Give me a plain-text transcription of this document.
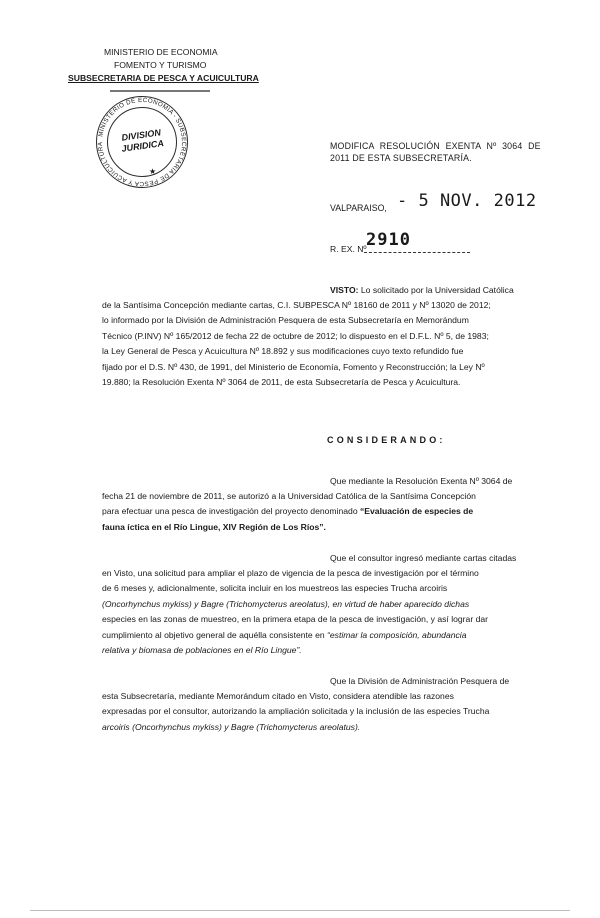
MINISTERIO DE ECONOMIA
FOMENTO Y TURISMO
SUBSECRETARIA DE PESCA Y ACUICULTURA
MINISTERIO DE ECONOMIA - SUBSECRETARIA DE PESCA Y ACUICULTURA
DIVISION JURIDICA
★
MODIFICA RESOLUCIÓN EXENTA Nº 3064 DE
2011 DE ESTA SUBSECRETARÍA.
VALPARAISO, - 5 NOV. 2012
2910
R. EX. Nº
VISTO: Lo solicitado por la Universidad Católica
de la Santísima Concepción mediante cartas, C.I. SUBPESCA Nº 18160 de 2011 y Nº 13020 de 2012;
lo informado por la División de Administración Pesquera de esta Subsecretaría en Memorándum
Técnico (P.INV) Nº 165/2012 de fecha 22 de octubre de 2012; lo dispuesto en el D.F.L. Nº 5, de 1983;
la Ley General de Pesca y Acuicultura Nº 18.892 y sus modificaciones cuyo texto refundido fue
fijado por el D.S. Nº 430, de 1991, del Ministerio de Economía, Fomento y Reconstrucción; la Ley Nº
19.880; la Resolución Exenta Nº 3064 de 2011, de esta Subsecretaría de Pesca y Acuicultura.
CONSIDERANDO:
Que mediante la Resolución Exenta Nº 3064 de
fecha 21 de noviembre de 2011, se autorizó a la Universidad Católica de la Santísima Concepción
para efectuar una pesca de investigación del proyecto denominado “Evaluación de especies de
fauna íctica en el Río Lingue, XIV Región de Los Ríos”.
Que el consultor ingresó mediante cartas citadas
en Visto, una solicitud para ampliar el plazo de vigencia de la pesca de investigación por el término
de 6 meses y, adicionalmente, solicita incluir en los muestreos las especies Trucha arcoiris
(Oncorhynchus mykiss) y Bagre (Trichomycterus areolatus), en virtud de haber aparecido dichas
especies en las zonas de muestreo, en la primera etapa de la pesca de investigación, y así lograr dar
cumplimiento al objetivo general de aquélla consistente en “estimar la composición, abundancia
relativa y biomasa de poblaciones en el Río Lingue”.
Que la División de Administración Pesquera de
esta Subsecretaría, mediante Memorándum citado en Visto, considera atendible las razones
expresadas por el consultor, autorizando la ampliación solicitada y la inclusión de las especies Trucha
arcoiris (Oncorhynchus mykiss) y Bagre (Trichomycterus areolatus).
